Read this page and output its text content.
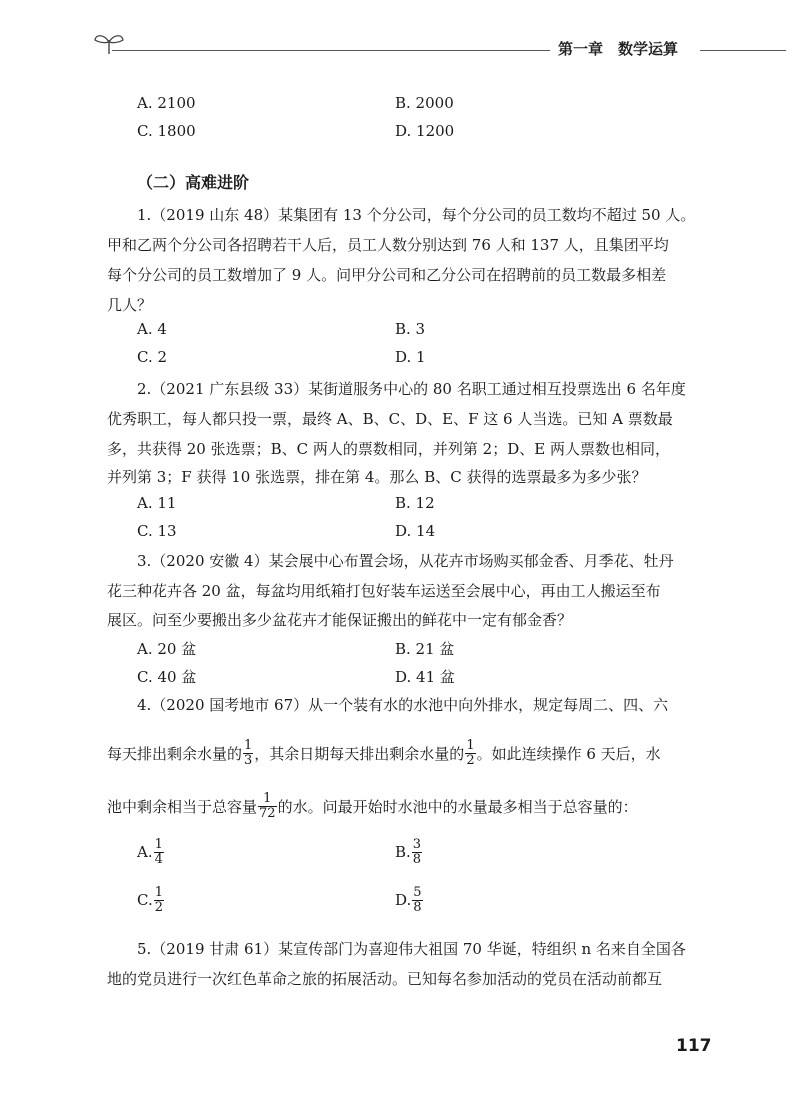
第一章　数学运算
A. 2100	B. 2000
C. 1800	D. 1200
（二）高难进阶
1.（2019 山东 48）某集团有 13 个分公司，每个分公司的员工数均不超过 50 人。
甲和乙两个分公司各招聘若干人后，员工人数分别达到 76 人和 137 人，且集团平均
每个分公司的员工数增加了 9 人。问甲分公司和乙分公司在招聘前的员工数最多相差
几人？
A. 4	B. 3
C. 2	D. 1
2.（2021 广东县级 33）某街道服务中心的 80 名职工通过相互投票选出 6 名年度
优秀职工，每人都只投一票，最终 A、B、C、D、E、F 这 6 人当选。已知 A 票数最
多，共获得 20 张选票；B、C 两人的票数相同，并列第 2；D、E 两人票数也相同，
并列第 3；F 获得 10 张选票，排在第 4。那么 B、C 获得的选票最多为多少张？
A. 11	B. 12
C. 13	D. 14
3.（2020 安徽 4）某会展中心布置会场，从花卉市场购买郁金香、月季花、牡丹
花三种花卉各 20 盆，每盆均用纸箱打包好装车运送至会展中心，再由工人搬运至布
展区。问至少要搬出多少盆花卉才能保证搬出的鲜花中一定有郁金香？
A. 20 盆	B. 21 盆
C. 40 盆	D. 41 盆
4.（2020 国考地市 67）从一个装有水的水池中向外排水，规定每周二、四、六
每天排出剩余水量的 $\frac{1}{3}$ ，其余日期每天排出剩余水量的 $\frac{1}{2}$ 。如此连续操作 6 天后，水
池中剩余相当于总容量 $\frac{1}{72}$ 的水。问最开始时水池中的水量最多相当于总容量的：
A. $\frac{1}{4}$	B. $\frac{3}{8}$
C. $\frac{1}{2}$	D. $\frac{5}{8}$
5.（2019 甘肃 61）某宣传部门为喜迎伟大祖国 70 华诞，特组织 n 名来自全国各
地的党员进行一次红色革命之旅的拓展活动。已知每名参加活动的党员在活动前都互
117
